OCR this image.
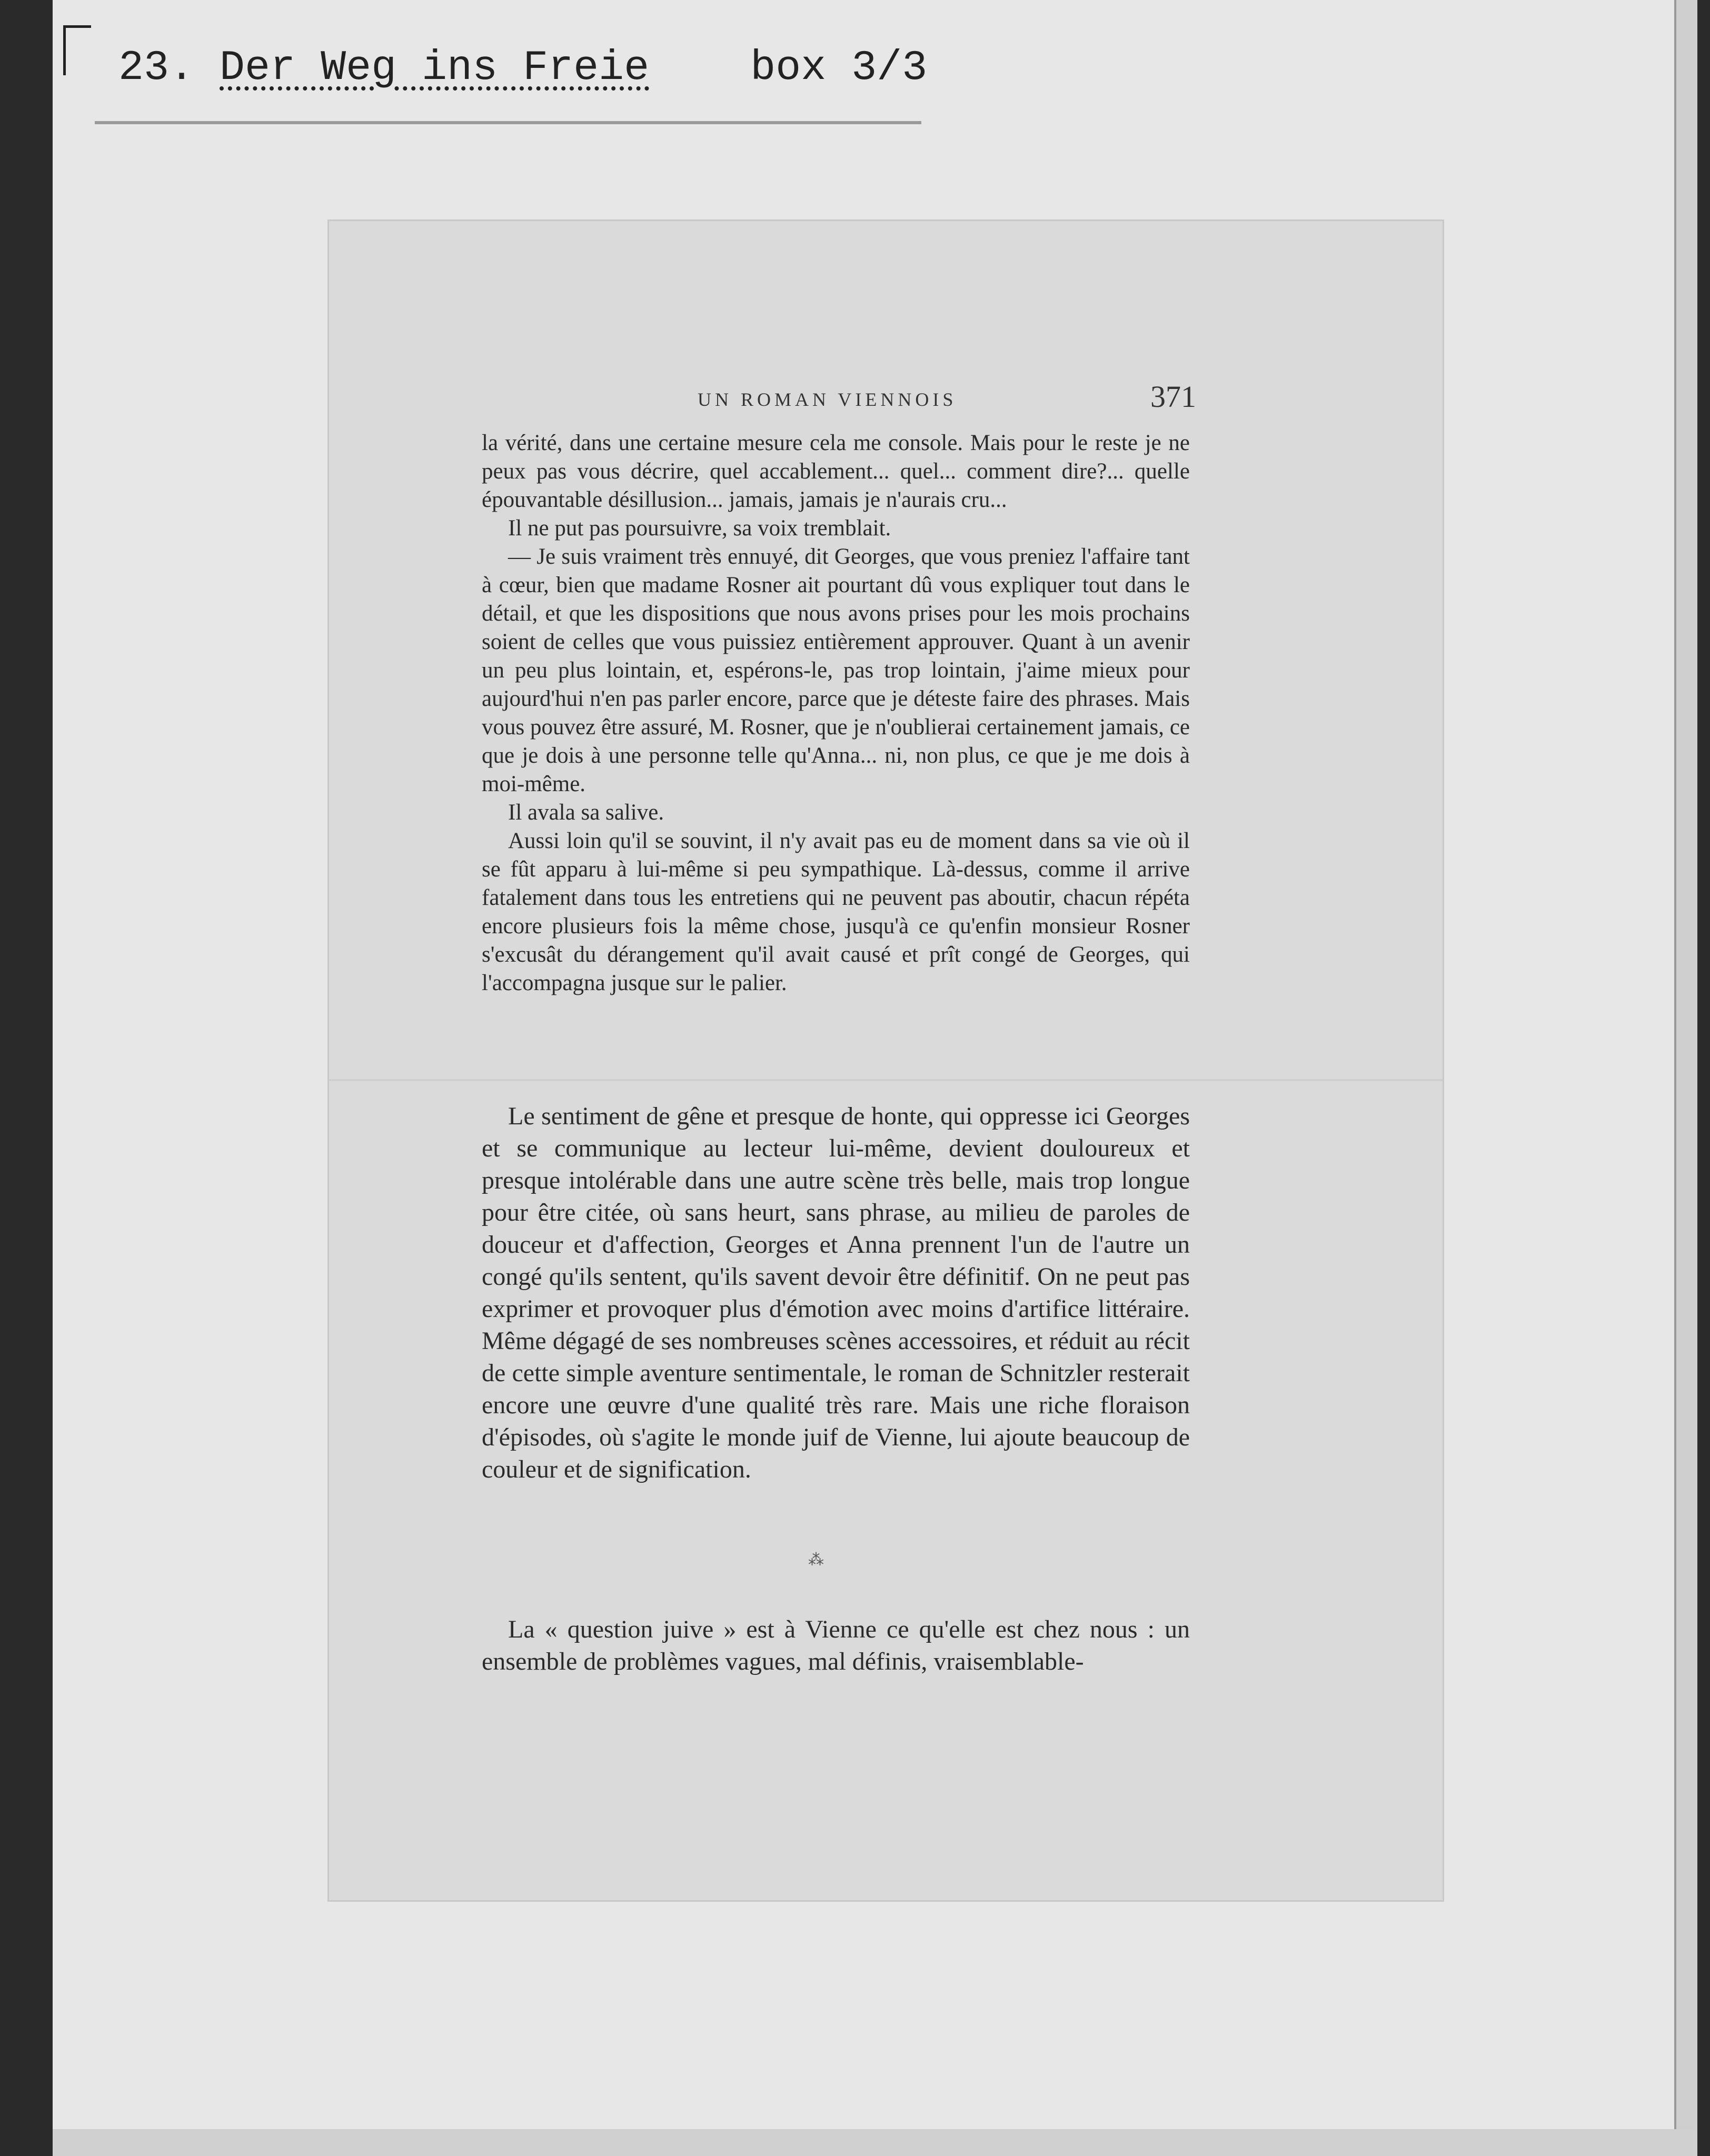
23. Der Weg ins Freie box 3/3
UN ROMAN VIENNOIS	371

la vérité, dans une certaine mesure cela me console. Mais pour le reste je ne peux pas vous décrire, quel accablement... quel... comment dire?... quelle épouvantable désillusion... jamais, jamais je n'aurais cru...

Il ne put pas poursuivre, sa voix tremblait.

— Je suis vraiment très ennuyé, dit Georges, que vous preniez l'affaire tant à cœur, bien que madame Rosner ait pourtant dû vous expliquer tout dans le détail, et que les dispositions que nous avons prises pour les mois prochains soient de celles que vous puissiez entièrement approuver. Quant à un avenir un peu plus lointain, et, espérons-le, pas trop lointain, j'aime mieux pour aujourd'hui n'en pas parler encore, parce que je déteste faire des phrases. Mais vous pouvez être assuré, M. Rosner, que je n'oublierai certainement jamais, ce que je dois à une personne telle qu'Anna... ni, non plus, ce que je me dois à moi-même.

Il avala sa salive.

Aussi loin qu'il se souvint, il n'y avait pas eu de moment dans sa vie où il se fût apparu à lui-même si peu sympathique. Là-dessus, comme il arrive fatalement dans tous les entretiens qui ne peuvent pas aboutir, chacun répéta encore plusieurs fois la même chose, jusqu'à ce qu'enfin monsieur Rosner s'excusât du dérangement qu'il avait causé et prît congé de Georges, qui l'accompagna jusque sur le palier.

Le sentiment de gêne et presque de honte, qui oppresse ici Georges et se communique au lecteur lui-même, devient douloureux et presque intolérable dans une autre scène très belle, mais trop longue pour être citée, où sans heurt, sans phrase, au milieu de paroles de douceur et d'affection, Georges et Anna prennent l'un de l'autre un congé qu'ils sentent, qu'ils savent devoir être définitif. On ne peut pas exprimer et provoquer plus d'émotion avec moins d'artifice littéraire. Même dégagé de ses nombreuses scènes accessoires, et réduit au récit de cette simple aventure sentimentale, le roman de Schnitzler resterait encore une œuvre d'une qualité très rare. Mais une riche floraison d'épisodes, où s'agite le monde juif de Vienne, lui ajoute beaucoup de couleur et de signification.

⁂

La « question juive » est à Vienne ce qu'elle est chez nous : un ensemble de problèmes vagues, mal définis, vraisemblable-
